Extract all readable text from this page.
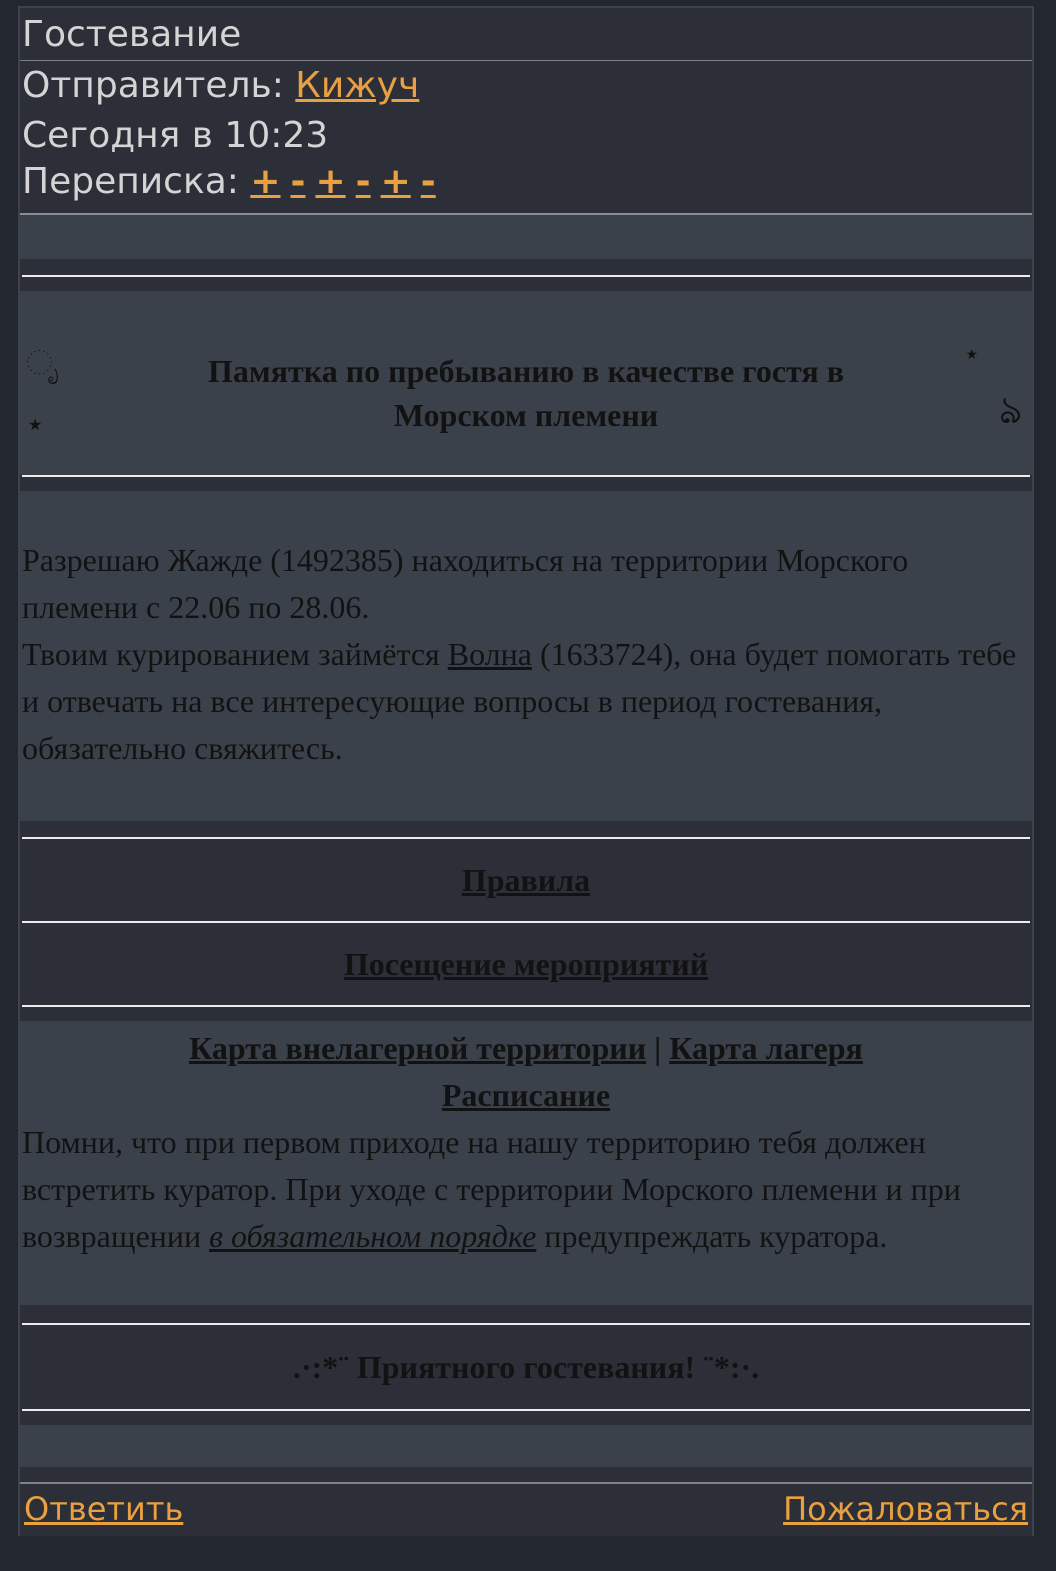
Гостевание
Отправитель: Кижуч
Сегодня в 10:23
Переписка: + - + - + -
ೃ
★
★
ঌ
Памятка по пребыванию в качестве гостя в Морском племени
Разрешаю Жажде (1492385) находиться на территории Морского племени с 22.06 по 28.06.
Твоим курированием займётся Волна (1633724), она будет помогать тебе и отвечать на все интересующие вопросы в период гостевания, обязательно свяжитесь.
Правила
Посещение мероприятий
Карта внелагерной территории | Карта лагеря
Расписание
Помни, что при первом приходе на нашу территорию тебя должен встретить куратор. При уходе с территории Морского племени и при возвращении в обязательном порядке предупреждать куратора.
.·:*¨⁡ Приятного гостевания! ⁡¨*:·.
Ответить	Пожаловаться
